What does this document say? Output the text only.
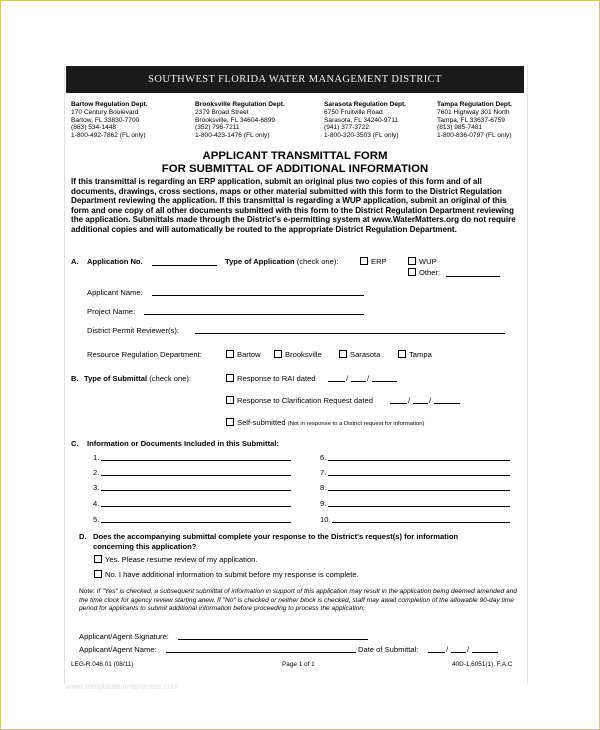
SOUTHWEST FLORIDA WATER MANAGEMENT DISTRICT
Bartow Regulation Dept.
170 Century Boulevard
Bartow, FL 33830-7700
(863) 534-1448
1-800-492-7862 (FL only)
Brooksville Regulation Dept.
2379 Broad Street
Brooksville, FL 34604-6899
(352) 796-7211
1-800-423-1476 (FL only)
Sarasota Regulation Dept.
6750 Fruitville Road
Sarasota, FL 34240-9711
(941) 377-3722
1-800-320-3503 (FL only)
Tampa Regulation Dept.
7601 Highway 301 North
Tampa, FL 33637-6759
(813) 985-7481
1-800-836-0797 (FL only)
APPLICANT TRANSMITTAL FORM
FOR SUBMITTAL OF ADDITIONAL INFORMATION
If this transmittal is regarding an ERP application, submit an original plus two copies of this form and of all documents, drawings, cross sections, maps or other material submitted with this form to the District Regulation Department reviewing the application. If this transmittal is regarding a WUP application, submit an original of this form and one copy of all other documents submitted with this form to the District Regulation Department reviewing the application. Submittals made through the District's e-permitting system at www.WaterMatters.org do not require additional copies and will automatically be routed to the appropriate District Regulation Department.
A. Application No.	Type of Application (check one):	ERP	WUP
Other:
Applicant Name:
Project Name:
District Permit Reviewer(s):
Resource Regulation Department:	Bartow	Brooksville	Sarasota	Tampa
B. Type of Submittal (check one):	Response to RAI dated	/ /
Response to Clarification Request dated	/ /
Self-submitted (Not in response to a District request for information)
C. Information or Documents Included in this Submittal:
1.
2.
3.
4.
5.
6.
7.
8.
9.
10.
D. Does the accompanying submittal complete your response to the District's request(s) for information
concerning this application?
Yes. Please resume review of my application.
No. I have additional information to submit before my response is complete.
Note: If "Yes" is checked, a subsequent submittal of information in support of this application may result in the application being deemed amended and the time clock for agency review starting anew. If "No" is checked or neither block is checked, staff may await completion of the allowable 90-day time period for applicants to submit additional information before proceeding to process the application.
Applicant/Agent Signature:
Applicant/Agent Name:	Date of Submittal:	/ /
LEG-R.046.01 (08/11)	Page 1 of 1	40D-1.6051(1), F.A.C
www.templateentrepreneur.com
